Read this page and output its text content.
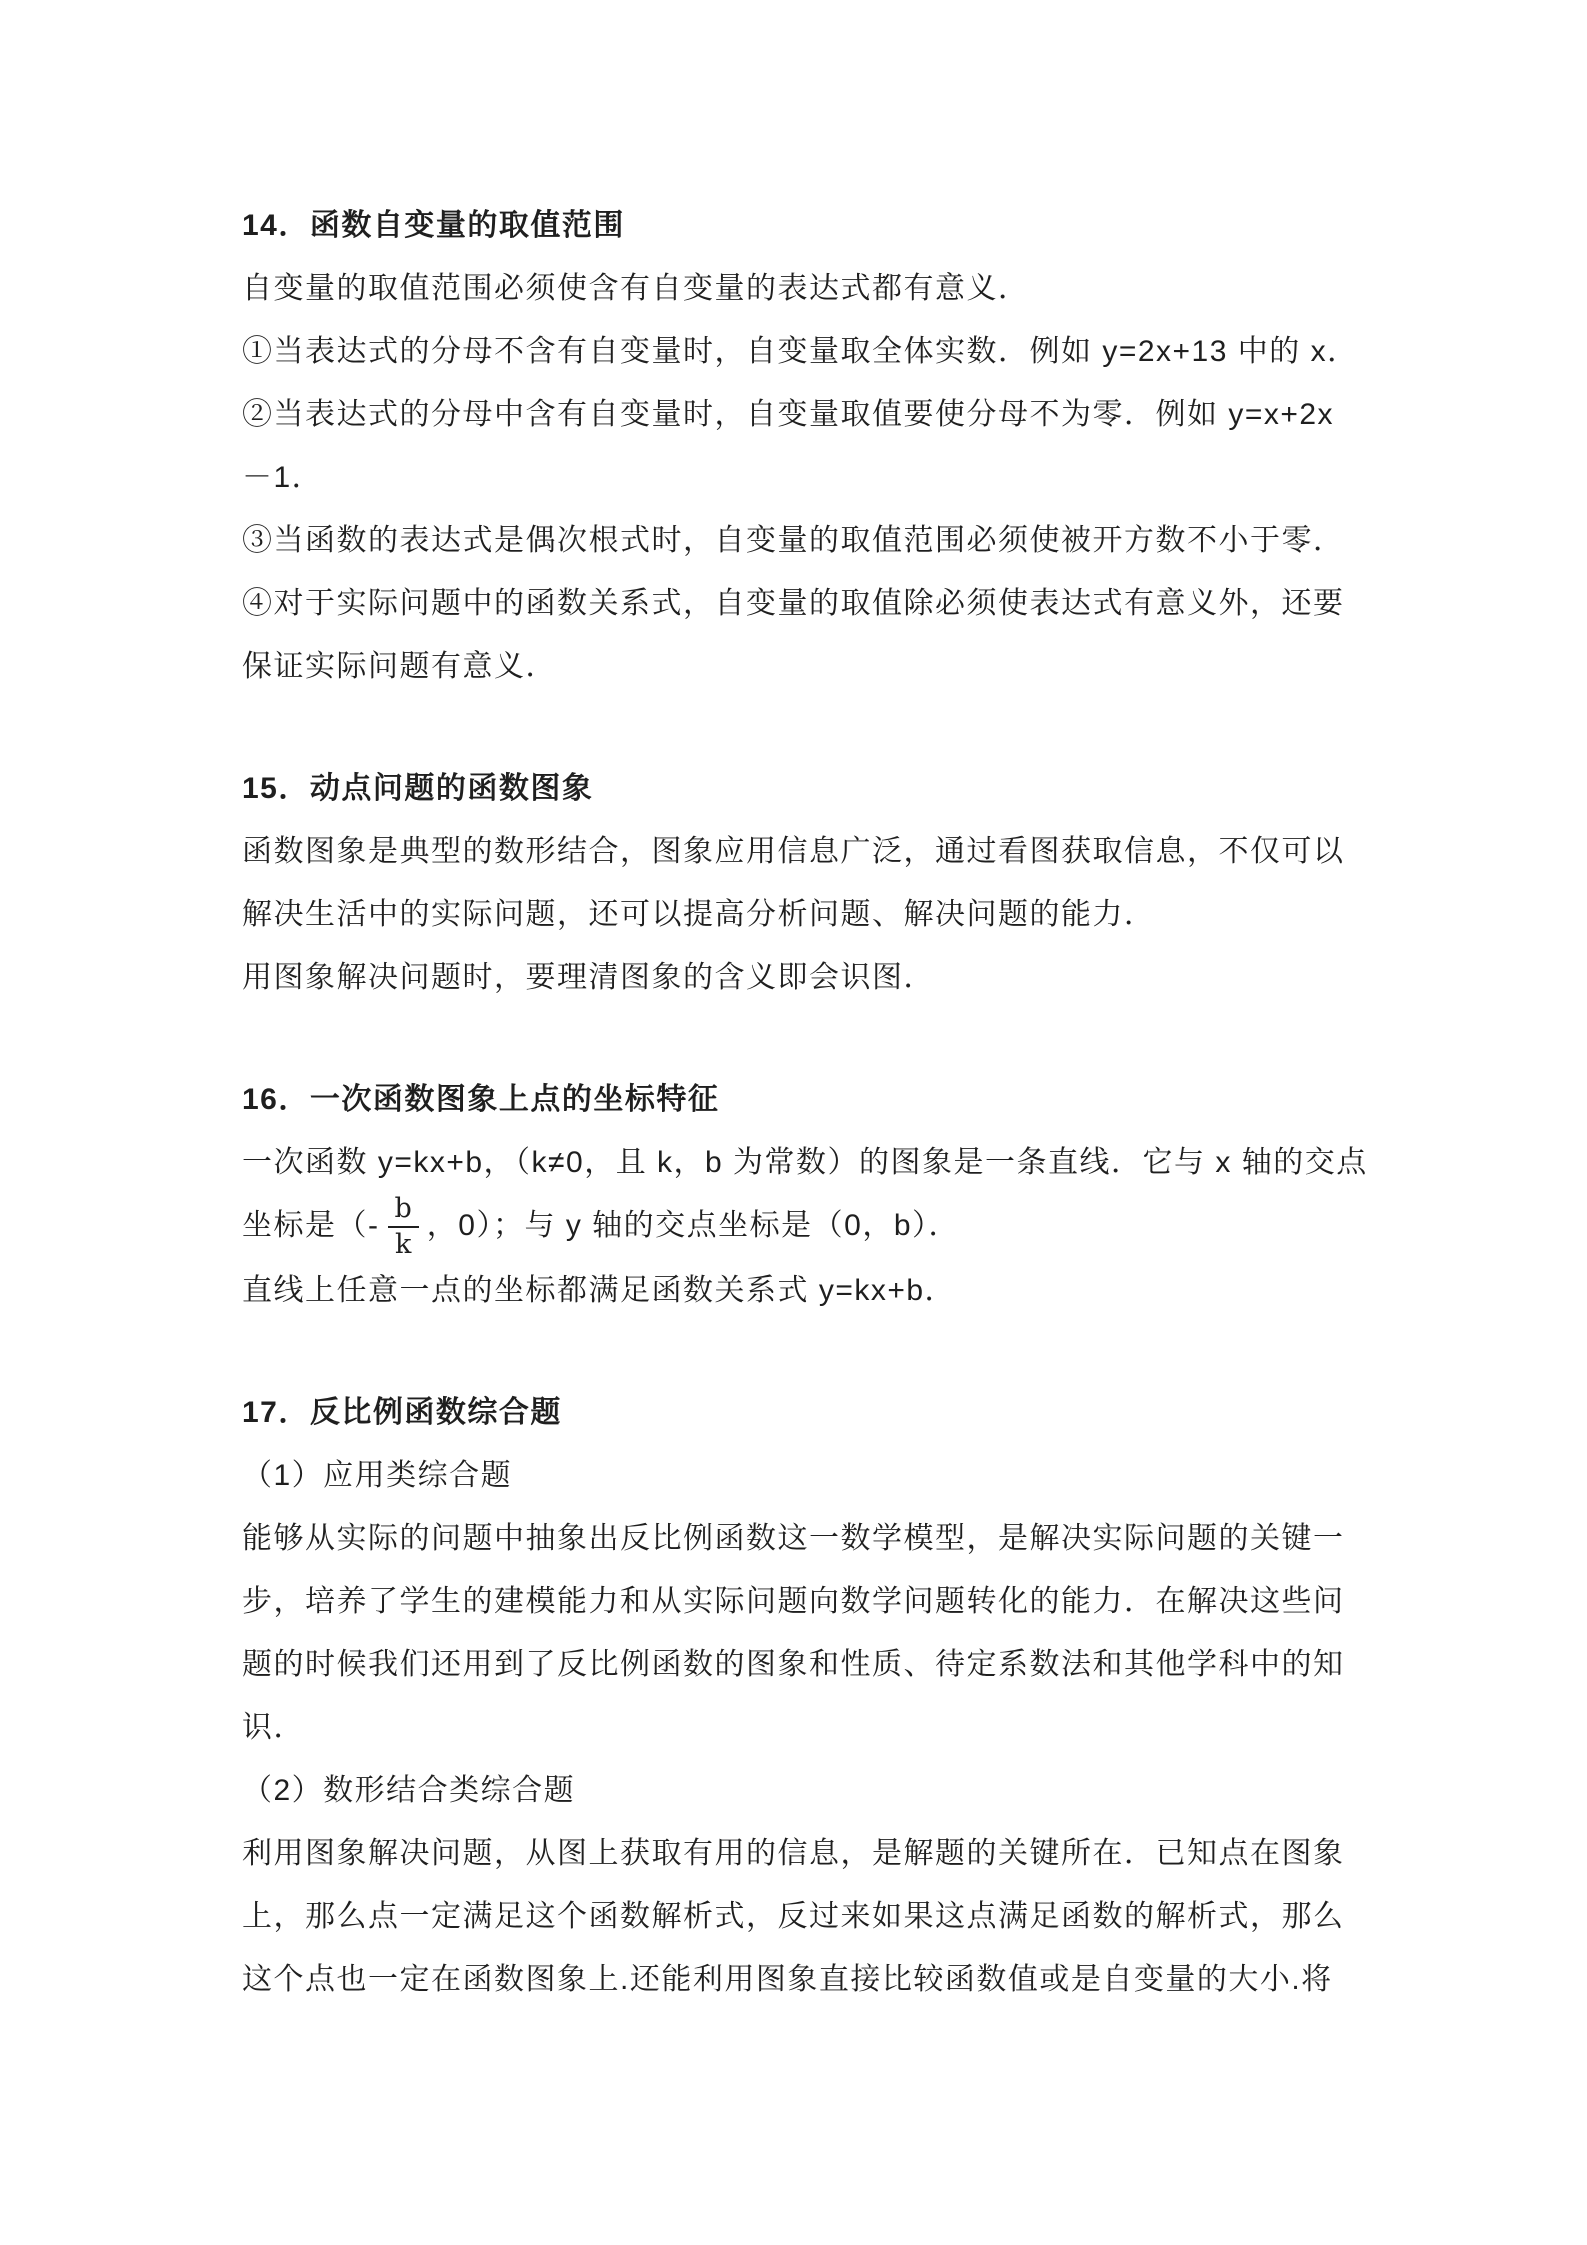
14．函数自变量的取值范围

自变量的取值范围必须使含有自变量的表达式都有意义．

①当表达式的分母不含有自变量时，自变量取全体实数．例如 y=2x+13 中的 x．

②当表达式的分母中含有自变量时，自变量取值要使分母不为零．例如 y=x+2x

－1．

③当函数的表达式是偶次根式时，自变量的取值范围必须使被开方数不小于零．

④对于实际问题中的函数关系式，自变量的取值除必须使表达式有意义外，还要

保证实际问题有意义．

15．动点问题的函数图象

函数图象是典型的数形结合，图象应用信息广泛，通过看图获取信息，不仅可以

解决生活中的实际问题，还可以提高分析问题、解决问题的能力．

用图象解决问题时，要理清图象的含义即会识图．

16．一次函数图象上点的坐标特征

一次函数 y=kx+b，（k≠0，且 k，b 为常数）的图象是一条直线．它与 x 轴的交点

坐标是（- $\frac{b}{k}$ ，0）；与 y 轴的交点坐标是（0，b）．

直线上任意一点的坐标都满足函数关系式 y=kx+b．

17．反比例函数综合题

（1）应用类综合题

能够从实际的问题中抽象出反比例函数这一数学模型，是解决实际问题的关键一

步，培养了学生的建模能力和从实际问题向数学问题转化的能力．在解决这些问

题的时候我们还用到了反比例函数的图象和性质、待定系数法和其他学科中的知

识．

（2）数形结合类综合题

利用图象解决问题，从图上获取有用的信息，是解题的关键所在．已知点在图象

上，那么点一定满足这个函数解析式，反过来如果这点满足函数的解析式，那么

这个点也一定在函数图象上.还能利用图象直接比较函数值或是自变量的大小.将
